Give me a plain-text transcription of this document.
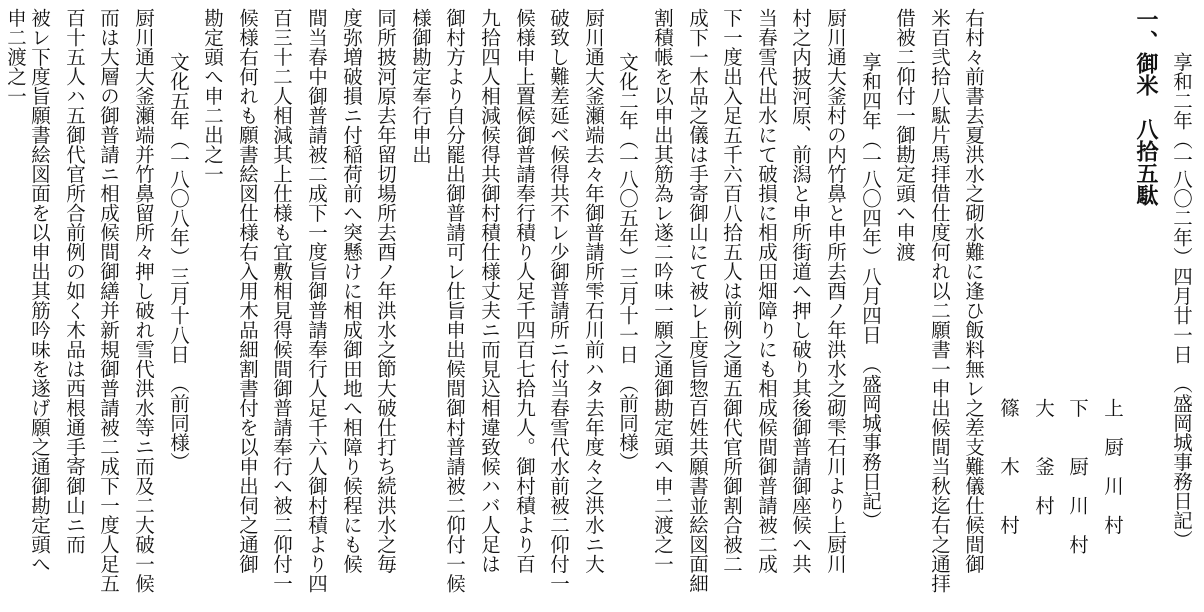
享和二年（一八〇二年）四月廿一日　（盛岡城事務日記）
一、御米　八拾五駄
上　厨　川　村
下　　厨　川　村
大　　釜　村
篠　　木　　村
右村々前書去夏洪水之砌水難に逢ひ飯料無レ之差支難儀仕候間御
米百弐拾八駄片馬拝借仕度何れ以二願書一申出候間当秋迄右之通拝
借被二仰付一御勘定頭へ申渡
享和四年（一八〇四年）八月四日　（盛岡城事務日記）
厨川通大釜村の内竹鼻と申所去酉ノ年洪水之砌雫石川より上厨川
村之内披河原、前潟と申所街道へ押し破り其後御普請御座候へ共
当春雪代出水にて破損に相成田畑障りにも相成候間御普請被二成
下一度出入足五千六百八拾五人は前例之通五御代官所御割合被二
成下一木品之儀は手寄御山にて被レ上度旨惣百姓共願書並絵図面細
割積帳を以申出其筋為レ遂二吟味一願之通御勘定頭へ申二渡之一
文化二年（一八〇五年）三月十一日　（前同様）
厨川通大釜瀬端去々年御普請所雫石川前ハタ去年度々之洪水ニ大
破致し難差延ベ候得共不レ少御普請所ニ付当春雪代水前被二仰付一
候様申上置候御普請奉行積り人足千四百七拾九人。御村積より百
九拾四人相減候得共御村積仕様丈夫ニ而見込相違致候ハバ人足は
御村方より自分罷出御普請可レ仕旨申出候間御村普請被二仰付一候
様御勘定奉行申出
同所披河原去年留切場所去酉ノ年洪水之節大破仕打ち続洪水之毎
度弥増破損ニ付稲荷前へ突懸けに相成御田地へ相障り候程にも候
間当春中御普請被二成下一度旨御普請奉行人足千六人御村積より四
百三十二人相減其上仕様も宜敷相見得候間御普請奉行へ被二仰付一
候様右何れも願書絵図仕様右入用木品細割書付を以申出伺之通御
勘定頭へ申二出之一
文化五年（一八〇八年）三月十八日　（前同様）
厨川通大釜瀬端并竹鼻留所々押し破れ雪代洪水等ニ而及二大破一候
而は大層の御普請ニ相成候間御繕并新規御普請被二成下一度人足五
百十五人ハ五御代官所合前例の如く木品は西根通手寄御山ニ而
被レ下度旨願書絵図面を以申出其筋吟味を遂げ願之通御勘定頭へ
申二渡之一
